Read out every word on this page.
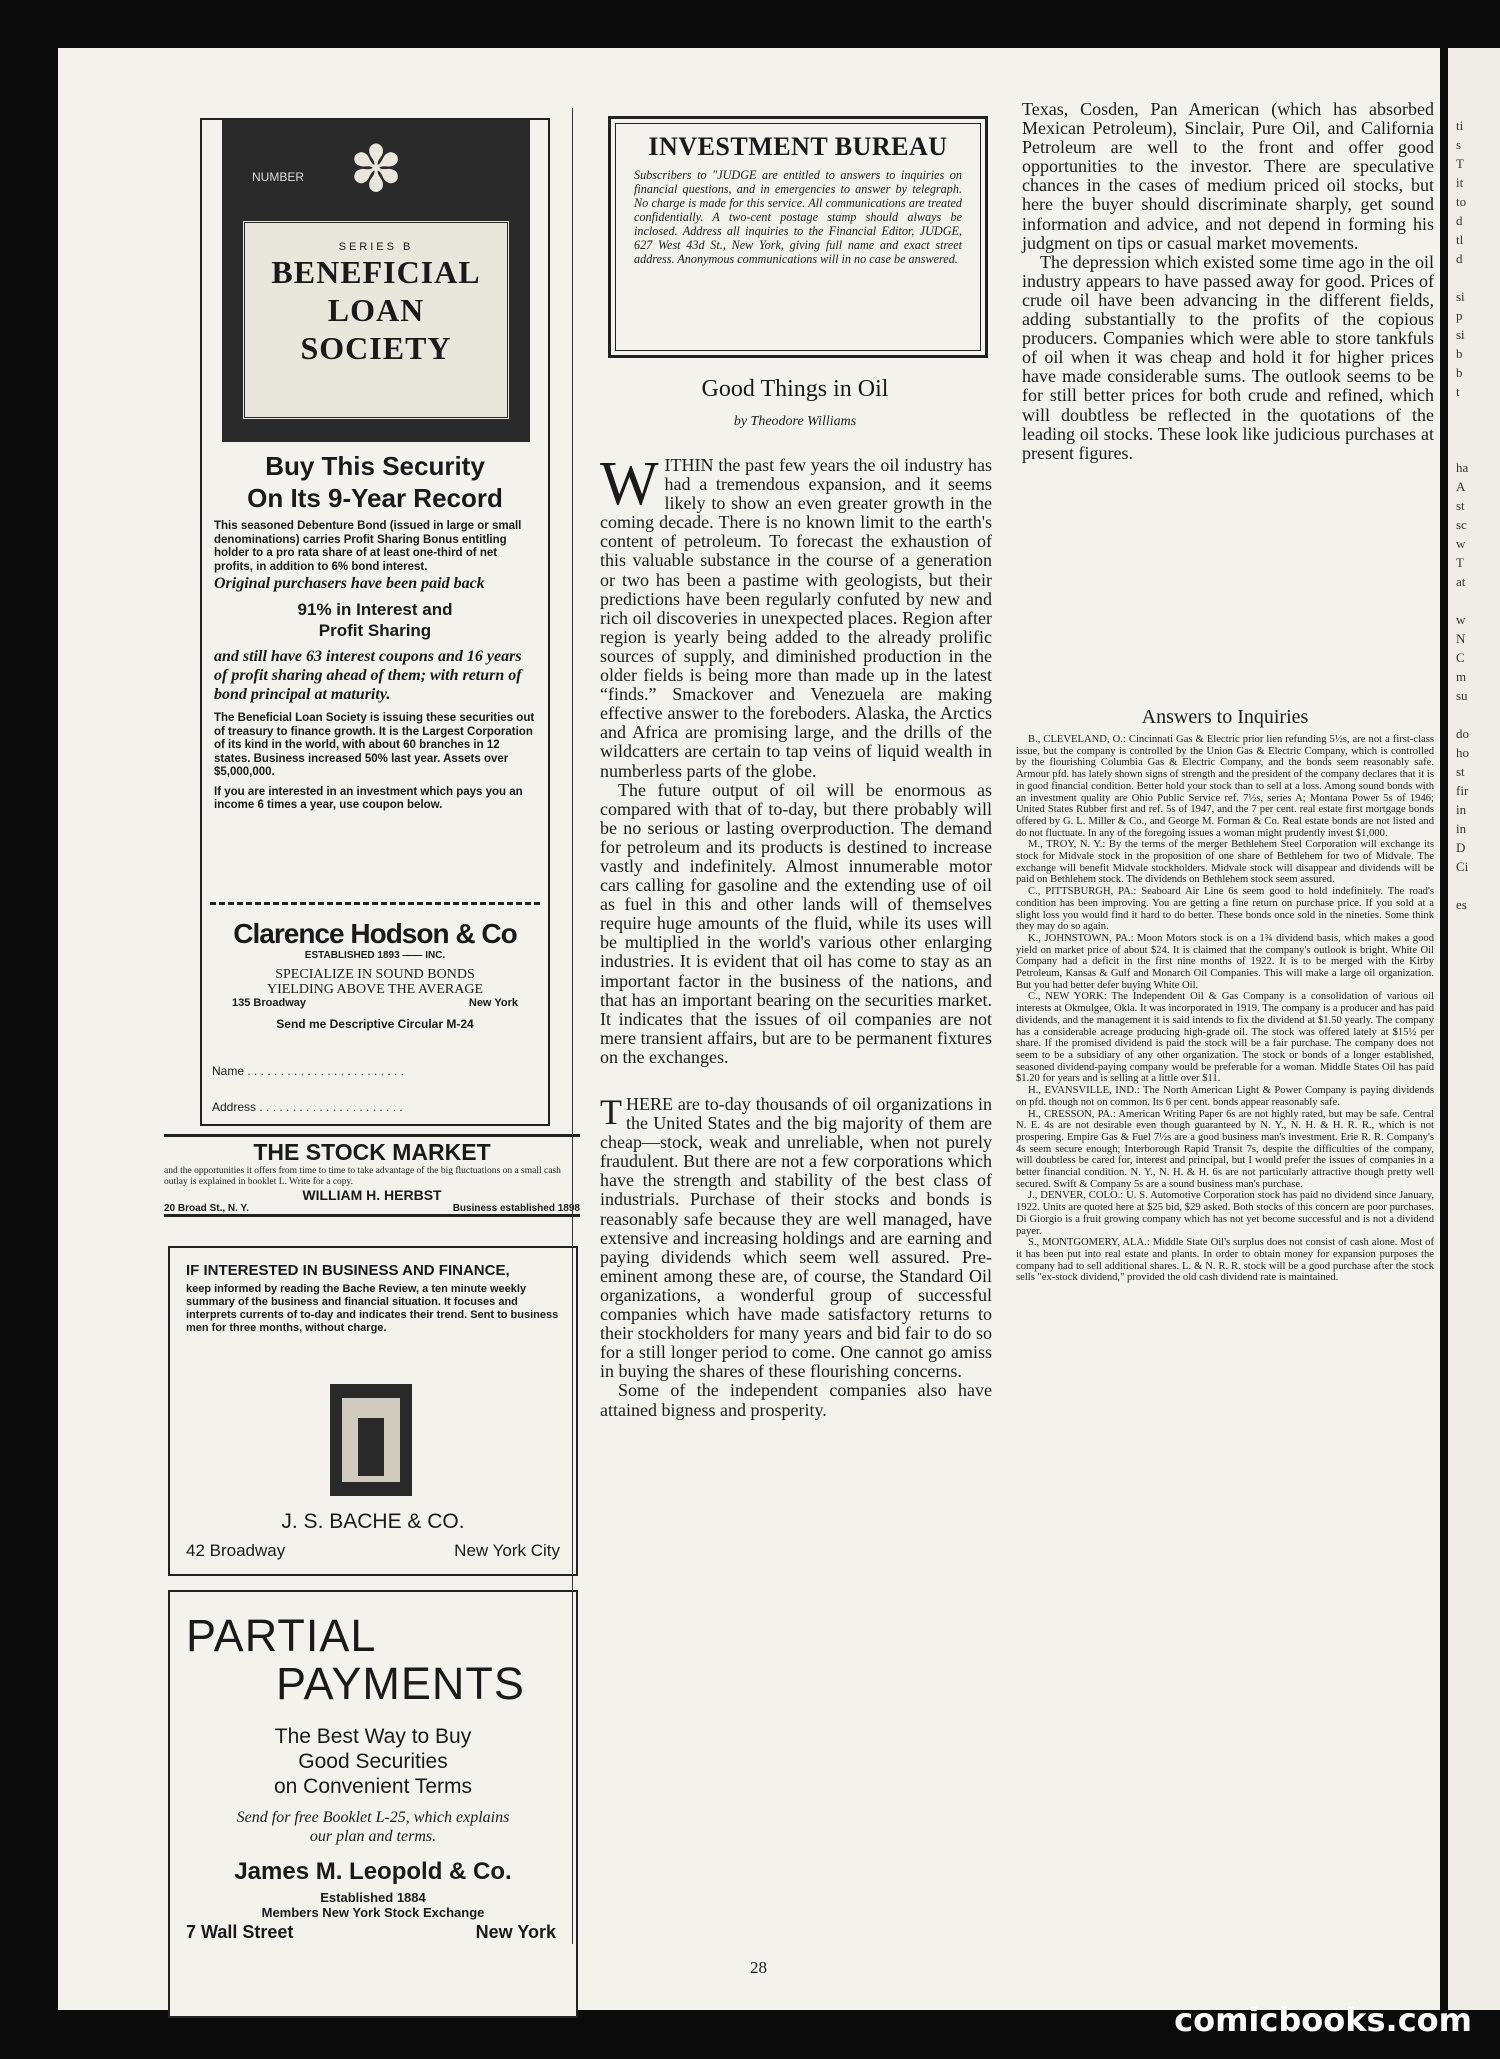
ti
s
T
it
to
d
tl
d

si
p
si
b
b
t

ha
A
st
sc
w
T
at

w
N
C
m
su

do
ho
st
fir
in
in
D
Ci

es
✽
NUMBER
SERIES B
BENEFICIAL
LOAN
SOCIETY
Buy This Security
On Its 9-Year Record
This seasoned Debenture Bond (issued in large or small denominations) carries Profit Sharing Bonus entitling holder to a pro rata share of at least one-third of net profits, in addition to 6% bond interest.
Original purchasers have been paid back
91% in Interest and
Profit Sharing
and still have 63 interest coupons and 16 years of profit sharing ahead of them; with return of bond principal at maturity.
The Beneficial Loan Society is issuing these securities out of treasury to finance growth. It is the Largest Corporation of its kind in the world, with about 60 branches in 12 states. Business increased 50% last year. Assets over $5,000,000.
If you are interested in an investment which pays you an income 6 times a year, use coupon below.
Clarence Hodson & Co
ESTABLISHED 1893 —— INC.
SPECIALIZE IN SOUND BONDS
YIELDING ABOVE THE AVERAGE
135 Broadway	New York
Send me Descriptive Circular M-24
Name . . . . . . . . . . . . . . . . . . . . . . . .
Address . . . . . . . . . . . . . . . . . . . . . .
THE STOCK MARKET
and the opportunities it offers from time to time to take advantage of the big fluctuations on a small cash outlay is explained in booklet L. Write for a copy.
WILLIAM H. HERBST
20 Broad St., N. Y.	Business established 1898
IF INTERESTED IN BUSINESS AND FINANCE,
keep informed by reading the Bache Review, a ten minute weekly summary of the business and financial situation. It focuses and interprets currents of to-day and indicates their trend. Sent to business men for three months, without charge.
J. S. BACHE & CO.
42 Broadway	New York City
PARTIAL
PAYMENTS
The Best Way to Buy
Good Securities
on Convenient Terms
Send for free Booklet L-25, which explains
our plan and terms.
James M. Leopold & Co.
Established 1884
Members New York Stock Exchange
7 Wall Street	New York
INVESTMENT BUREAU
Subscribers to "JUDGE are entitled to answers to inquiries on financial questions, and in emergencies to answer by telegraph. No charge is made for this service. All communications are treated confidentially. A two-cent postage stamp should always be inclosed. Address all inquiries to the Financial Editor, JUDGE, 627 West 43d St., New York, giving full name and exact street address. Anonymous communications will in no case be answered.
Good Things in Oil
by Theodore Williams

WITHIN the past few years the oil industry has had a tremendous expansion, and it seems likely to show an even greater growth in the coming decade. There is no known limit to the earth's content of petroleum. To forecast the exhaustion of this valuable substance in the course of a generation or two has been a pastime with geologists, but their predictions have been regularly confuted by new and rich oil discoveries in unexpected places. Region after region is yearly being added to the already prolific sources of supply, and diminished production in the older fields is being more than made up in the latest “finds.” Smackover and Venezuela are making effective answer to the foreboders. Alaska, the Arctics and Africa are promising large, and the drills of the wildcatters are certain to tap veins of liquid wealth in numberless parts of the globe.

The future output of oil will be enormous as compared with that of to-day, but there probably will be no serious or lasting overproduction. The demand for petroleum and its products is destined to increase vastly and indefinitely. Almost innumerable motor cars calling for gasoline and the extending use of oil as fuel in this and other lands will of themselves require huge amounts of the fluid, while its uses will be multiplied in the world's various other enlarging industries. It is evident that oil has come to stay as an important factor in the business of the nations, and that has an important bearing on the securities market. It indicates that the issues of oil companies are not mere transient affairs, but are to be permanent fixtures on the exchanges.

THERE are to-day thousands of oil organizations in the United States and the big majority of them are cheap—stock, weak and unreliable, when not purely fraudulent. But there are not a few corporations which have the strength and stability of the best class of industrials. Purchase of their stocks and bonds is reasonably safe because they are well managed, have extensive and increasing holdings and are earning and paying dividends which seem well assured. Pre-eminent among these are, of course, the Standard Oil organizations, a wonderful group of successful companies which have made satisfactory returns to their stockholders for many years and bid fair to do so for a still longer period to come. One cannot go amiss in buying the shares of these flourishing concerns.

Some of the independent companies also have attained bigness and prosperity.

Texas, Cosden, Pan American (which has absorbed Mexican Petroleum), Sinclair, Pure Oil, and California Petroleum are well to the front and offer good opportunities to the investor. There are speculative chances in the cases of medium priced oil stocks, but here the buyer should discriminate sharply, get sound information and advice, and not depend in forming his judgment on tips or casual market movements.

The depression which existed some time ago in the oil industry appears to have passed away for good. Prices of crude oil have been advancing in the different fields, adding substantially to the profits of the copious producers. Companies which were able to store tankfuls of oil when it was cheap and hold it for higher prices have made considerable sums. The outlook seems to be for still better prices for both crude and refined, which will doubtless be reflected in the quotations of the leading oil stocks. These look like judicious purchases at present figures.

Answers to Inquiries

B., CLEVELAND, O.: Cincinnati Gas & Electric prior lien refunding 5½s, are not a first-class issue, but the company is controlled by the Union Gas & Electric Company, which is controlled by the flourishing Columbia Gas & Electric Company, and the bonds seem reasonably safe. Armour pfd. has lately shown signs of strength and the president of the company declares that it is in good financial condition. Better hold your stock than to sell at a loss. Among sound bonds with an investment quality are Ohio Public Service ref. 7½s, series A; Montana Power 5s of 1946; United States Rubber first and ref. 5s of 1947, and the 7 per cent. real estate first mortgage bonds offered by G. L. Miller & Co., and George M. Forman & Co. Real estate bonds are not listed and do not fluctuate. In any of the foregoing issues a woman might prudently invest $1,000.

M., TROY, N. Y.: By the terms of the merger Bethlehem Steel Corporation will exchange its stock for Midvale stock in the proposition of one share of Bethlehem for two of Midvale. The exchange will benefit Midvale stockholders. Midvale stock will disappear and dividends will be paid on Bethlehem stock. The dividends on Bethlehem stock seem assured.

C., PITTSBURGH, PA.: Seaboard Air Line 6s seem good to hold indefinitely. The road's condition has been improving. You are getting a fine return on purchase price. If you sold at a slight loss you would find it hard to do better. These bonds once sold in the nineties. Some think they may do so again.

K., JOHNSTOWN, PA.: Moon Motors stock is on a 1¾ dividend basis, which makes a good yield on market price of about $24. It is claimed that the company's outlook is bright. White Oil Company had a deficit in the first nine months of 1922. It is to be merged with the Kirby Petroleum, Kansas & Gulf and Monarch Oil Companies. This will make a large oil organization. But you had better defer buying White Oil.

C., NEW YORK: The Independent Oil & Gas Company is a consolidation of various oil interests at Okmulgee, Okla. It was incorporated in 1919. The company is a producer and has paid dividends, and the management it is said intends to fix the dividend at $1.50 yearly. The company has a considerable acreage producing high-grade oil. The stock was offered lately at $15½ per share. If the promised dividend is paid the stock will be a fair purchase. The company does not seem to be a subsidiary of any other organization. The stock or bonds of a longer established, seasoned dividend-paying company would be preferable for a woman. Middle States Oil has paid $1.20 for years and is selling at a little over $11.

H., EVANSVILLE, IND.: The North American Light & Power Company is paying dividends on pfd. though not on common. Its 6 per cent. bonds appear reasonably safe.

H., CRESSON, PA.: American Writing Paper 6s are not highly rated, but may be safe. Central N. E. 4s are not desirable even though guaranteed by N. Y., N. H. & H. R. R., which is not prospering. Empire Gas & Fuel 7½s are a good business man's investment. Erie R. R. Company's 4s seem secure enough; Interborough Rapid Transit 7s, despite the difficulties of the company, will doubtless be cared for, interest and principal, but I would prefer the issues of companies in a better financial condition. N. Y., N. H. & H. 6s are not particularly attractive though pretty well secured. Swift & Company 5s are a sound business man's purchase.

J., DENVER, COLO.: U. S. Automotive Corporation stock has paid no dividend since January, 1922. Units are quoted here at $25 bid, $29 asked. Both stocks of this concern are poor purchases. Di Giorgio is a fruit growing company which has not yet become successful and is not a dividend payer.

S., MONTGOMERY, ALA.: Middle State Oil's surplus does not consist of cash alone. Most of it has been put into real estate and plants. In order to obtain money for expansion purposes the company had to sell additional shares. L. & N. R. R. stock will be a good purchase after the stock sells "ex-stock dividend," provided the old cash dividend rate is maintained.

28
comicbooks.com
